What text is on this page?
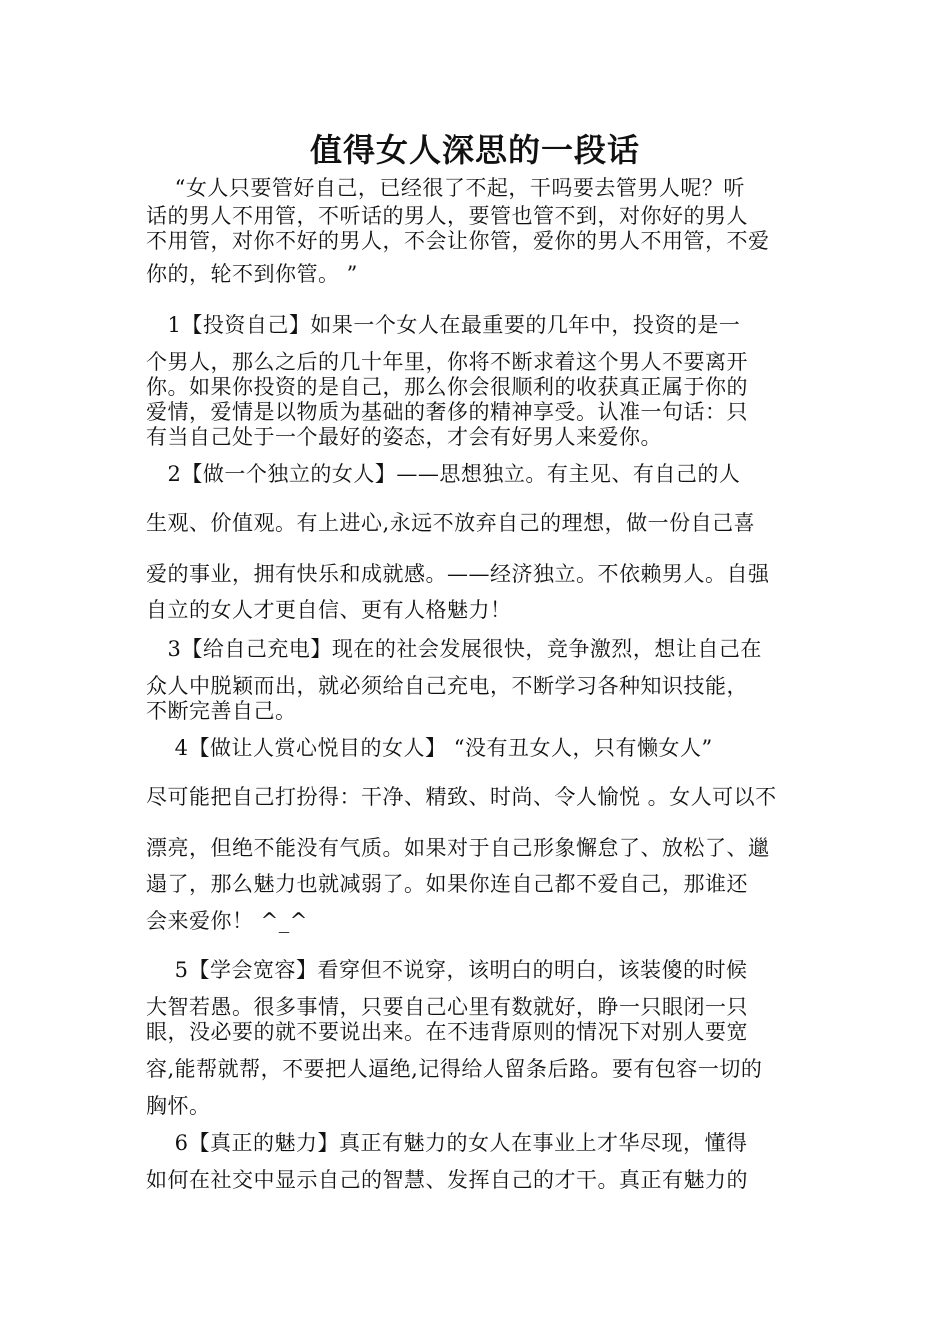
值得女人深思的一段话
　 “女人只要管好自己，已经很了不起，干吗要去管男人呢？听
话的男人不用管，不听话的男人，要管也管不到，对你好的男人
不用管，对你不好的男人，不会让你管，爱你的男人不用管，不爱
你的，轮不到你管。 ”
　1【投资自己】如果一个女人在最重要的几年中，投资的是一
个男人，那么之后的几十年里，你将不断求着这个男人不要离开
你。如果你投资的是自己，那么你会很顺利的收获真正属于你的
爱情，爱情是以物质为基础的奢侈的精神享受。认准一句话：只
有当自己处于一个最好的姿态，才会有好男人来爱你。
　2【做一个独立的女人】——思想独立。有主见、有自己的人
生观、价值观。有上进心,永远不放弃自己的理想，做一份自己喜
爱的事业，拥有快乐和成就感。——经济独立。不依赖男人。自强
自立的女人才更自信、更有人格魅力！
　3【给自己充电】现在的社会发展很快，竞争激烈，想让自己在
众人中脱颖而出，就必须给自己充电，不断学习各种知识技能，
不断完善自己。
　 4【做让人赏心悦目的女人】 “没有丑女人，只有懒女人”
尽可能把自己打扮得：干净、精致、时尚、令人愉悦 。女人可以不
漂亮，但绝不能没有气质。如果对于自己形象懈怠了、放松了、邋
遢了，那么魅力也就减弱了。如果你连自己都不爱自己，那谁还
会来爱你！ ^_^
　 5【学会宽容】看穿但不说穿，该明白的明白，该装傻的时候
大智若愚。很多事情，只要自己心里有数就好，睁一只眼闭一只
眼，没必要的就不要说出来。在不违背原则的情况下对别人要宽
容,能帮就帮，不要把人逼绝,记得给人留条后路。要有包容一切的
胸怀。
　 6【真正的魅力】真正有魅力的女人在事业上才华尽现，懂得
如何在社交中显示自己的智慧、发挥自己的才干。真正有魅力的
